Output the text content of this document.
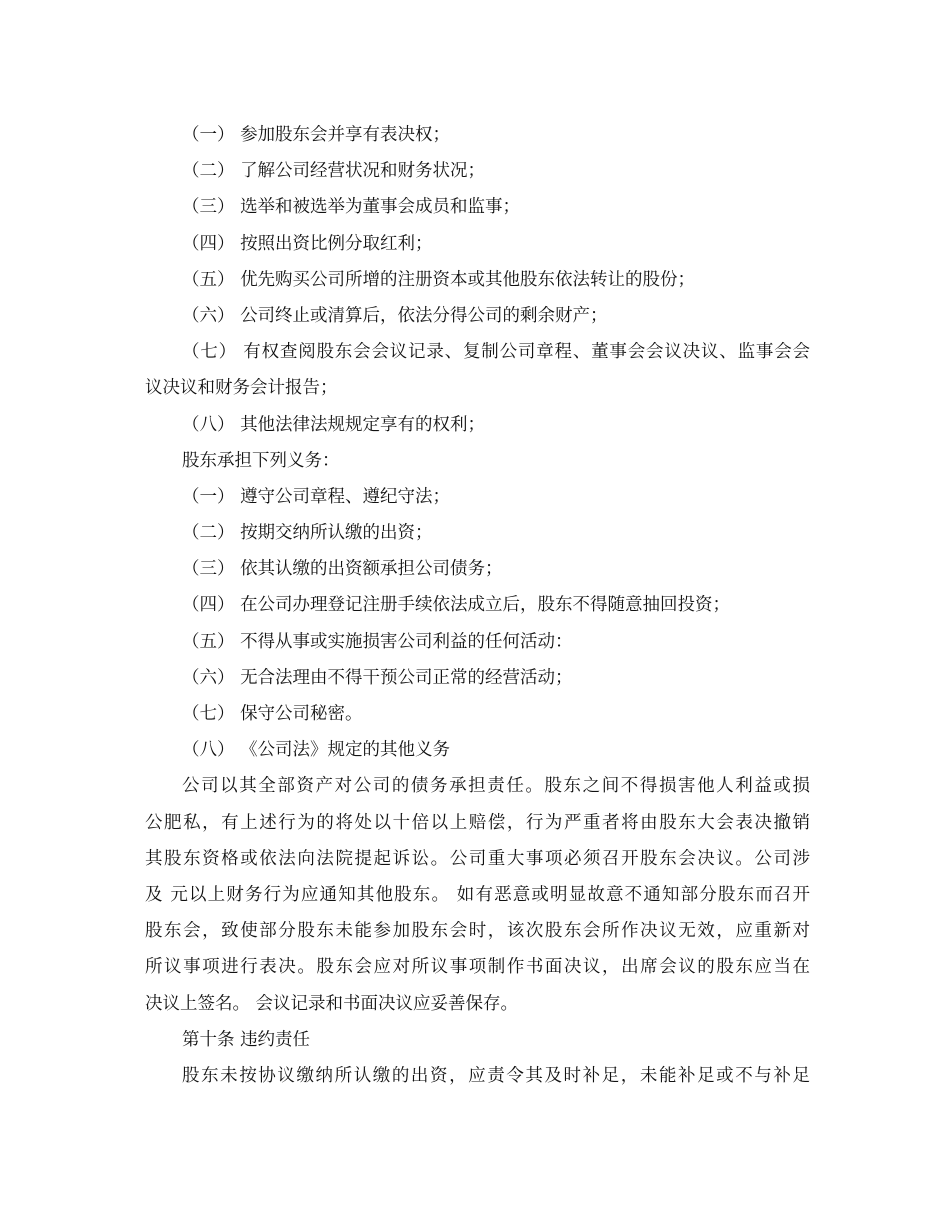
（一） 参加股东会并享有表决权；
（二） 了解公司经营状况和财务状况；
（三） 选举和被选举为董事会成员和监事；
（四） 按照出资比例分取红利；
（五） 优先购买公司所增的注册资本或其他股东依法转让的股份；
（六） 公司终止或清算后，依法分得公司的剩余财产；
（七） 有权查阅股东会会议记录、复制公司章程、董事会会议决议、监事会会
议决议和财务会计报告；
（八） 其他法律法规规定享有的权利；
股东承担下列义务：
（一） 遵守公司章程、遵纪守法；
（二） 按期交纳所认缴的出资；
（三） 依其认缴的出资额承担公司债务；
（四） 在公司办理登记注册手续依法成立后，股东不得随意抽回投资；
（五） 不得从事或实施损害公司利益的任何活动：
（六） 无合法理由不得干预公司正常的经营活动；
（七） 保守公司秘密。
（八） 《公司法》规定的其他义务
公司以其全部资产对公司的债务承担责任。股东之间不得损害他人利益或损
公肥私，有上述行为的将处以十倍以上赔偿，行为严重者将由股东大会表决撤销
其股东资格或依法向法院提起诉讼。公司重大事项必须召开股东会决议。公司涉
及 元以上财务行为应通知其他股东。 如有恶意或明显故意不通知部分股东而召开
股东会，致使部分股东未能参加股东会时，该次股东会所作决议无效，应重新对
所议事项进行表决。股东会应对所议事项制作书面决议，出席会议的股东应当在
决议上签名。 会议记录和书面决议应妥善保存。
第十条 违约责任
股东未按协议缴纳所认缴的出资，应责令其及时补足，未能补足或不与补足
